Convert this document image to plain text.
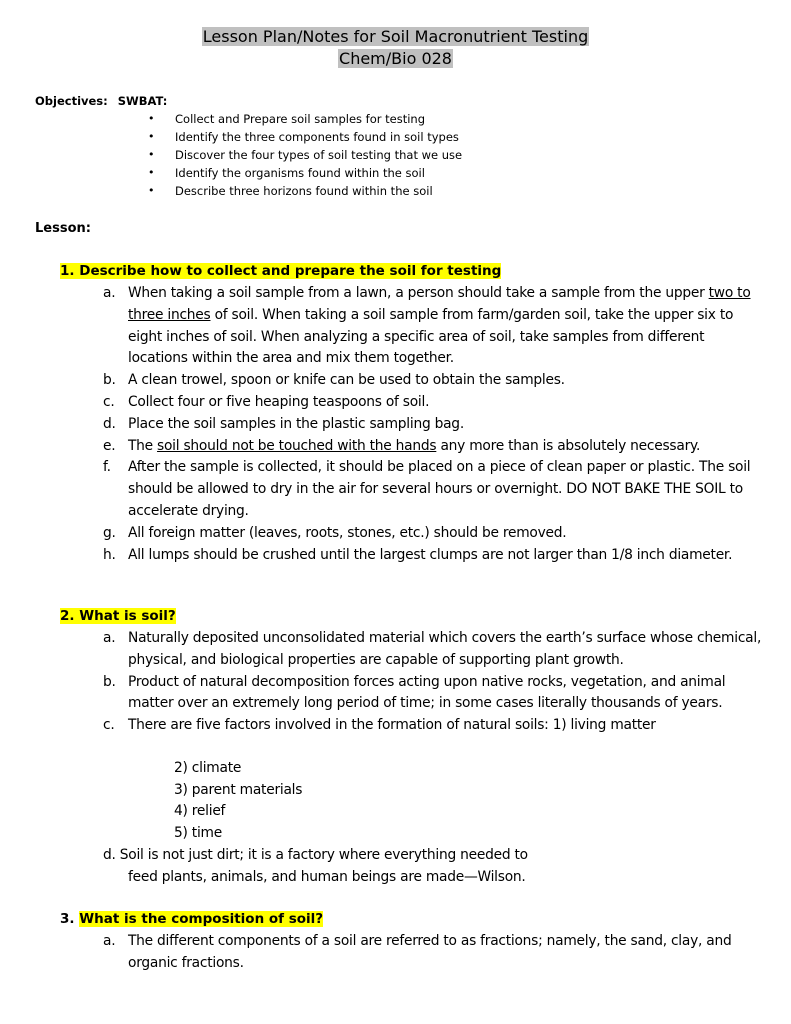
Lesson Plan/Notes for Soil Macronutrient Testing
Chem/Bio 028
Objectives: SWBAT:
• Collect and Prepare soil samples for testing
• Identify the three components found in soil types
• Discover the four types of soil testing that we use
• Identify the organisms found within the soil
• Describe three horizons found within the soil
Lesson:
1. Describe how to collect and prepare the soil for testing
a. When taking a soil sample from a lawn, a person should take a sample from the upper two to three inches of soil. When taking a soil sample from farm/garden soil, take the upper six to eight inches of soil. When analyzing a specific area of soil, take samples from different locations within the area and mix them together.
b. A clean trowel, spoon or knife can be used to obtain the samples.
c. Collect four or five heaping teaspoons of soil.
d. Place the soil samples in the plastic sampling bag.
e. The soil should not be touched with the hands any more than is absolutely necessary.
f. After the sample is collected, it should be placed on a piece of clean paper or plastic. The soil should be allowed to dry in the air for several hours or overnight. DO NOT BAKE THE SOIL to accelerate drying.
g. All foreign matter (leaves, roots, stones, etc.) should be removed.
h. All lumps should be crushed until the largest clumps are not larger than 1/8 inch diameter.
2. What is soil?
a. Naturally deposited unconsolidated material which covers the earth’s surface whose chemical, physical, and biological properties are capable of supporting plant growth.
b. Product of natural decomposition forces acting upon native rocks, vegetation, and animal matter over an extremely long period of time; in some cases literally thousands of years.
c. There are five factors involved in the formation of natural soils: 1) living matter
2) climate
3) parent materials
4) relief
5) time
d. Soil is not just dirt; it is a factory where everything needed to
feed plants, animals, and human beings are made—Wilson.
3. What is the composition of soil?
a. The different components of a soil are referred to as fractions; namely, the sand, clay, and organic fractions.
